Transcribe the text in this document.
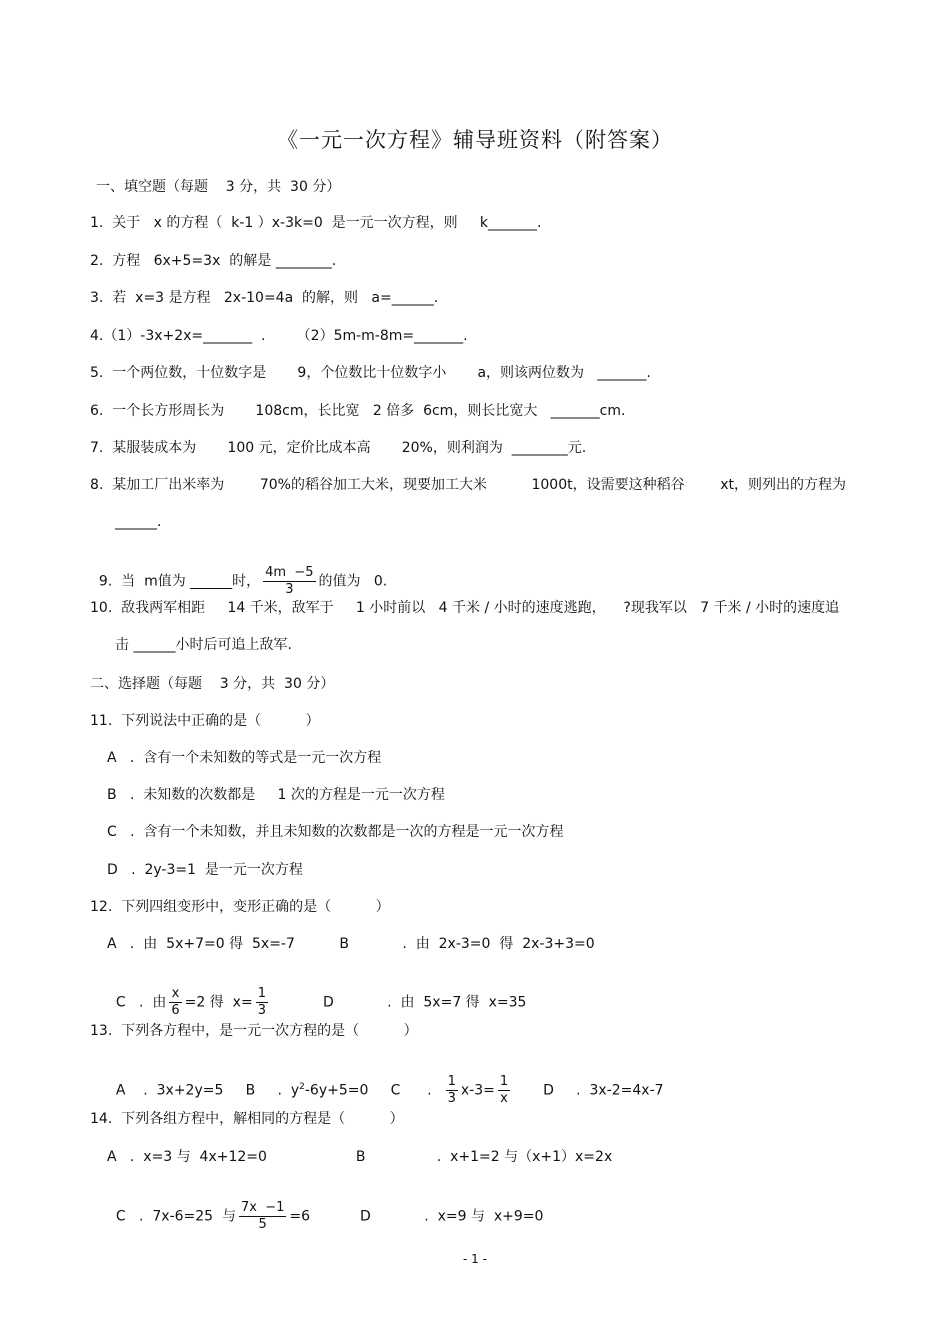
《一元一次方程》辅导班资料（附答案）
一、填空题（每题    3 分，共  30 分）
1.  关于   x 的方程（  k-1 ）x-3k=0  是一元一次方程，则     k_______.
2.  方程   6x+5=3x  的解是 ________.
3.  若  x=3 是方程   2x-10=4a  的解，则   a=______.
4.（1）-3x+2x=_______  .       （2）5m-m-8m=_______.
5.  一个两位数，十位数字是       9，个位数比十位数字小       a，则该两位数为   _______.
6.  一个长方形周长为       108cm，长比宽   2 倍多  6cm，则长比宽大   _______cm.
7.  某服装成本为       100 元，定价比成本高       20%，则利润为  ________元.
8.  某加工厂出米率为        70%的稻谷加工大米，现要加工大米          1000t，设需要这种稻谷        xt，则列出的方程为
______.

9.  当  m值为 ______时， $\frac{4m -5}{3}$ 的值为   0.

10.  敌我两军相距     14 千米，敌军于     1 小时前以   4 千米 / 小时的速度逃跑，    ?现我军以   7 千米 / 小时的速度追
击 ______小时后可追上敌军.
二、选择题（每题    3 分，共  30 分）
11.  下列说法中正确的是（          ）
A   .  含有一个未知数的等式是一元一次方程
B   .  未知数的次数都是     1 次的方程是一元一次方程
C   .  含有一个未知数，并且未知数的次数都是一次的方程是一元一次方程
D   .  2y-3=1  是一元一次方程
12.  下列四组变形中，变形正确的是（          ）
A   .  由  5x+7=0 得  5x=-7          B            .  由  2x-3=0  得  2x-3+3=0

C   .  由 $\frac{x}{6} =2$ 得  $x= \frac{1}{3}$	D            .  由  5x=7 得  x=35

13.  下列各方程中，是一元一次方程的是（          ）

A    .  3x+2y=5     B     .  $y^2-6y+5=0$     C      . $\frac{1}{3} x-3= \frac{1}{x}$ D     .  3x-2=4x-7

14.  下列各组方程中，解相同的方程是（          ）
A   .  x=3 与  4x+12=0                    B                .  x+1=2 与（x+1）x=2x

C   .  7x-6=25  与 $\frac{7x -1}{5} =6$	D            .  x=9 与  x+9=0

- 1 -
